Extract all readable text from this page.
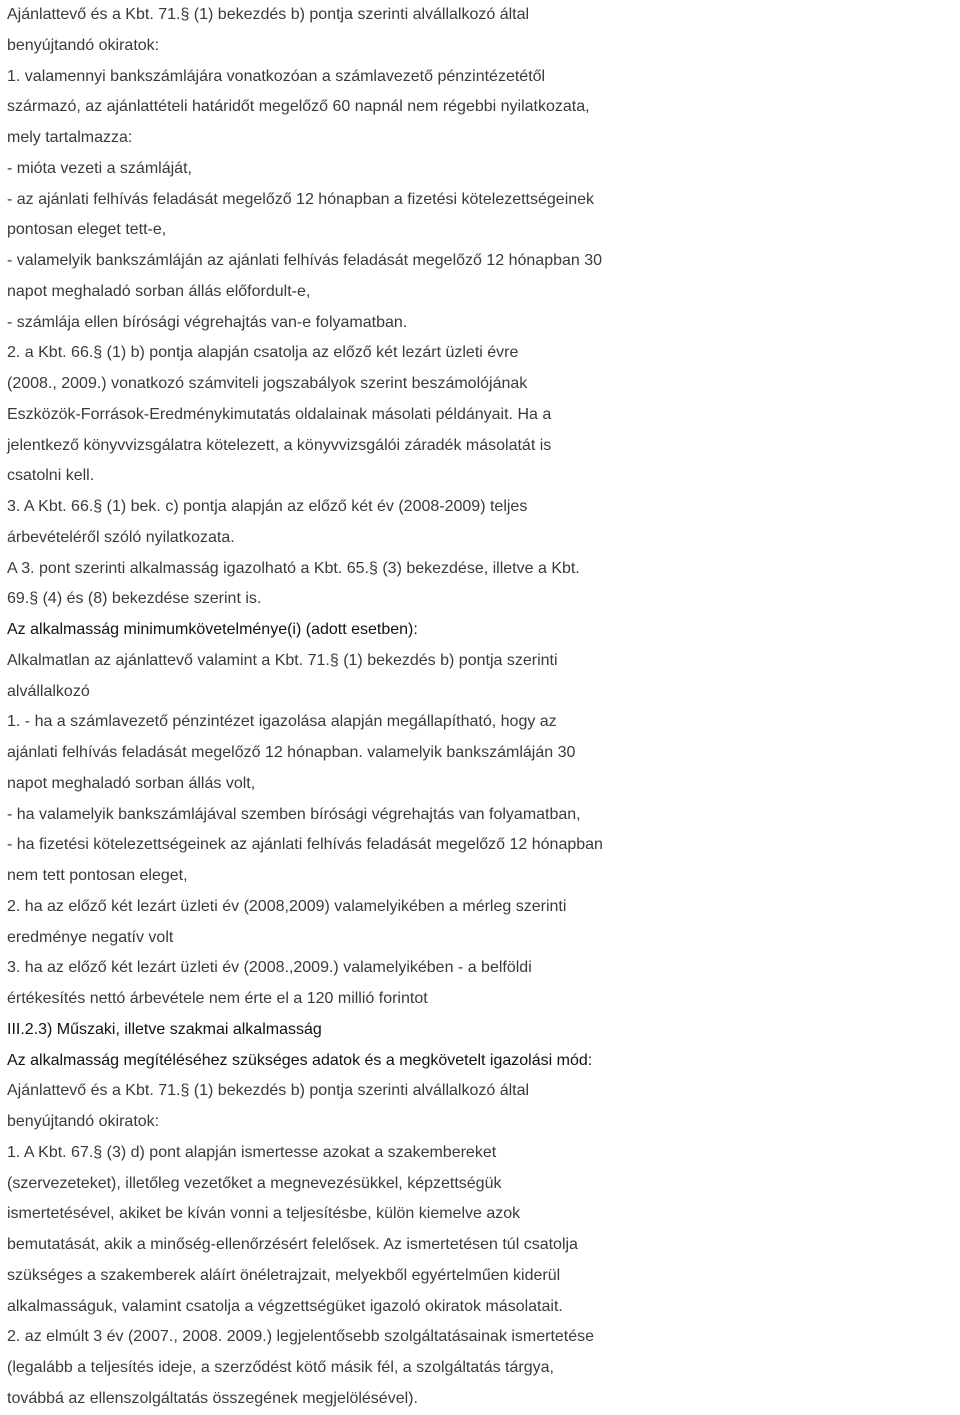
Ajánlattevő és a Kbt. 71.§ (1) bekezdés b) pontja szerinti alvállalkozó által
benyújtandó okiratok:
1. valamennyi bankszámlájára vonatkozóan a számlavezető pénzintézetétől
származó, az ajánlattételi határidőt megelőző 60 napnál nem régebbi nyilatkozata,
mely tartalmazza:
- mióta vezeti a számláját,
- az ajánlati felhívás feladását megelőző 12 hónapban a fizetési kötelezettségeinek
pontosan eleget tett-e,
- valamelyik bankszámláján az ajánlati felhívás feladását megelőző 12 hónapban 30
napot meghaladó sorban állás előfordult-e,
- számlája ellen bírósági végrehajtás van-e folyamatban.
2. a Kbt. 66.§ (1) b) pontja alapján csatolja az előző két lezárt üzleti évre
(2008., 2009.) vonatkozó számviteli jogszabályok szerint beszámolójának
Eszközök-Források-Eredménykimutatás oldalainak másolati példányait. Ha a
jelentkező könyvvizsgálatra kötelezett, a könyvvizsgálói záradék másolatát is
csatolni kell.
3. A Kbt. 66.§ (1) bek. c) pontja alapján az előző két év (2008-2009) teljes
árbevételéről szóló nyilatkozata.
A 3. pont szerinti alkalmasság igazolható a Kbt. 65.§ (3) bekezdése, illetve a Kbt.
69.§ (4) és (8) bekezdése szerint is.
Az alkalmasság minimumkövetelménye(i) (adott esetben):
Alkalmatlan az ajánlattevő valamint a Kbt. 71.§ (1) bekezdés b) pontja szerinti
alvállalkozó
1. - ha a számlavezető pénzintézet igazolása alapján megállapítható, hogy az
ajánlati felhívás feladását megelőző 12 hónapban. valamelyik bankszámláján 30
napot meghaladó sorban állás volt,
- ha valamelyik bankszámlájával szemben bírósági végrehajtás van folyamatban,
- ha fizetési kötelezettségeinek az ajánlati felhívás feladását megelőző 12 hónapban
nem tett pontosan eleget,
2. ha az előző két lezárt üzleti év (2008,2009) valamelyikében a mérleg szerinti
eredménye negatív volt
3. ha az előző két lezárt üzleti év (2008.,2009.) valamelyikében - a belföldi
értékesítés nettó árbevétele nem érte el a 120 millió forintot
III.2.3) Műszaki, illetve szakmai alkalmasság
Az alkalmasság megítéléséhez szükséges adatok és a megkövetelt igazolási mód:
Ajánlattevő és a Kbt. 71.§ (1) bekezdés b) pontja szerinti alvállalkozó által
benyújtandó okiratok:
1. A Kbt. 67.§ (3) d) pont alapján ismertesse azokat a szakembereket
(szervezeteket), illetőleg vezetőket a megnevezésükkel, képzettségük
ismertetésével, akiket be kíván vonni a teljesítésbe, külön kiemelve azok
bemutatását, akik a minőség-ellenőrzésért felelősek. Az ismertetésen túl csatolja
szükséges a szakemberek aláírt önéletrajzait, melyekből egyértelműen kiderül
alkalmasságuk, valamint csatolja a végzettségüket igazoló okiratok másolatait.
2. az elmúlt 3 év (2007., 2008. 2009.) legjelentősebb szolgáltatásainak ismertetése
(legalább a teljesítés ideje, a szerződést kötő másik fél, a szolgáltatás tárgya,
továbbá az ellenszolgáltatás összegének megjelölésével).
